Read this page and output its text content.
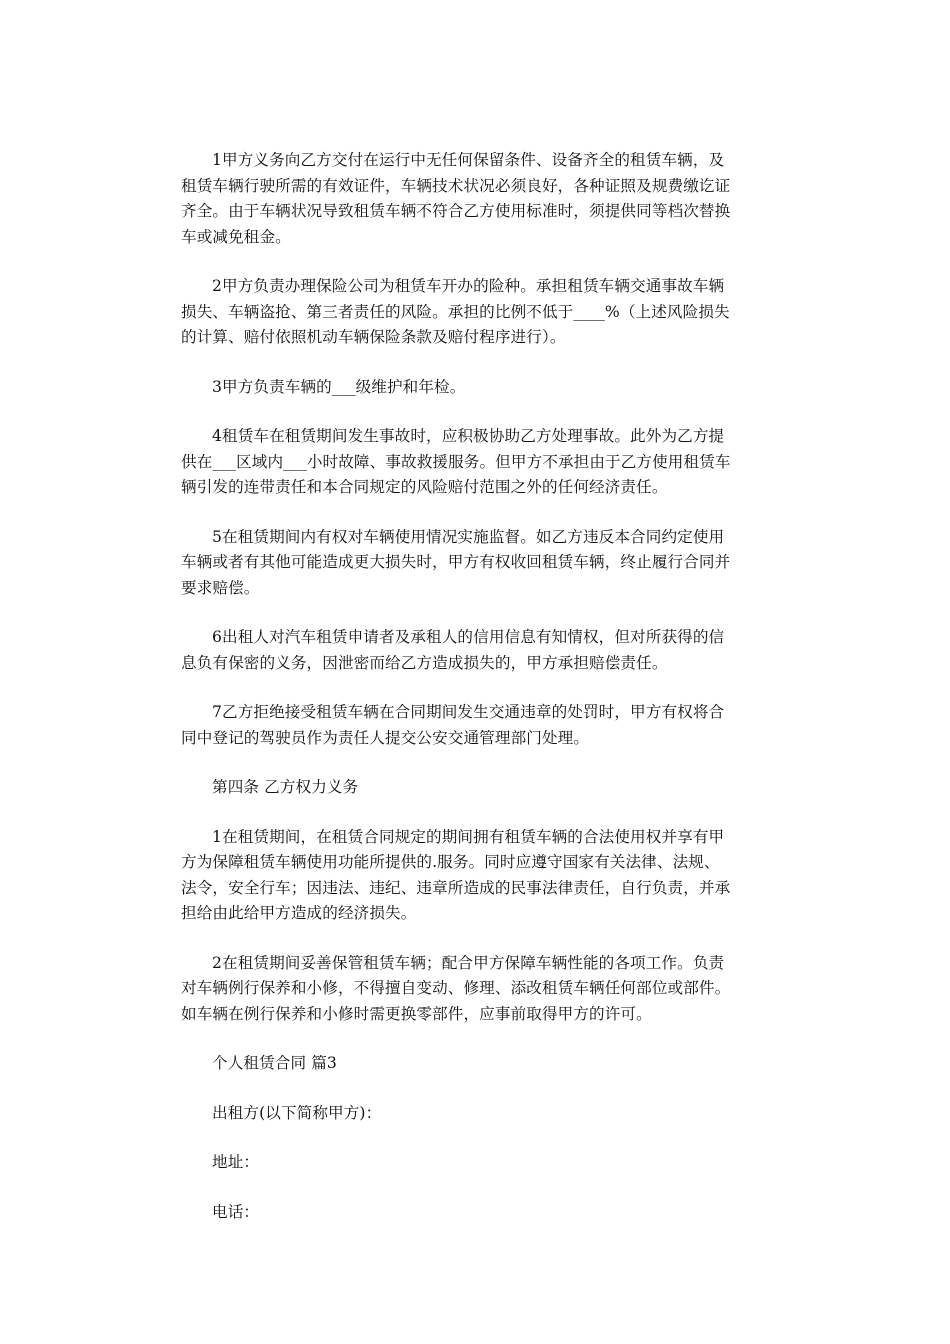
1甲方义务向乙方交付在运行中无任何保留条件、设备齐全的租赁车辆，及
租赁车辆行驶所需的有效证件，车辆技术状况必须良好，各种证照及规费缴讫证
齐全。由于车辆状况导致租赁车辆不符合乙方使用标准时，须提供同等档次替换
车或减免租金。

2甲方负责办理保险公司为租赁车开办的险种。承担租赁车辆交通事故车辆
损失、车辆盗抢、第三者责任的风险。承担的比例不低于____%（上述风险损失
的计算、赔付依照机动车辆保险条款及赔付程序进行）。

3甲方负责车辆的___级维护和年检。

4租赁车在租赁期间发生事故时，应积极协助乙方处理事故。此外为乙方提
供在___区域内___小时故障、事故救援服务。但甲方不承担由于乙方使用租赁车
辆引发的连带责任和本合同规定的风险赔付范围之外的任何经济责任。

5在租赁期间内有权对车辆使用情况实施监督。如乙方违反本合同约定使用
车辆或者有其他可能造成更大损失时，甲方有权收回租赁车辆，终止履行合同并
要求赔偿。

6出租人对汽车租赁申请者及承租人的信用信息有知情权，但对所获得的信
息负有保密的义务，因泄密而给乙方造成损失的，甲方承担赔偿责任。

7乙方拒绝接受租赁车辆在合同期间发生交通违章的处罚时，甲方有权将合
同中登记的驾驶员作为责任人提交公安交通管理部门处理。

第四条 乙方权力义务

1在租赁期间，在租赁合同规定的期间拥有租赁车辆的合法使用权并享有甲
方为保障租赁车辆使用功能所提供的.服务。同时应遵守国家有关法律、法规、
法令，安全行车；因违法、违纪、违章所造成的民事法律责任，自行负责，并承
担给由此给甲方造成的经济损失。

2在租赁期间妥善保管租赁车辆；配合甲方保障车辆性能的各项工作。负责
对车辆例行保养和小修，不得擅自变动、修理、添改租赁车辆任何部位或部件。
如车辆在例行保养和小修时需更换零部件，应事前取得甲方的许可。

个人租赁合同 篇3

出租方(以下简称甲方)：

地址：

电话：
